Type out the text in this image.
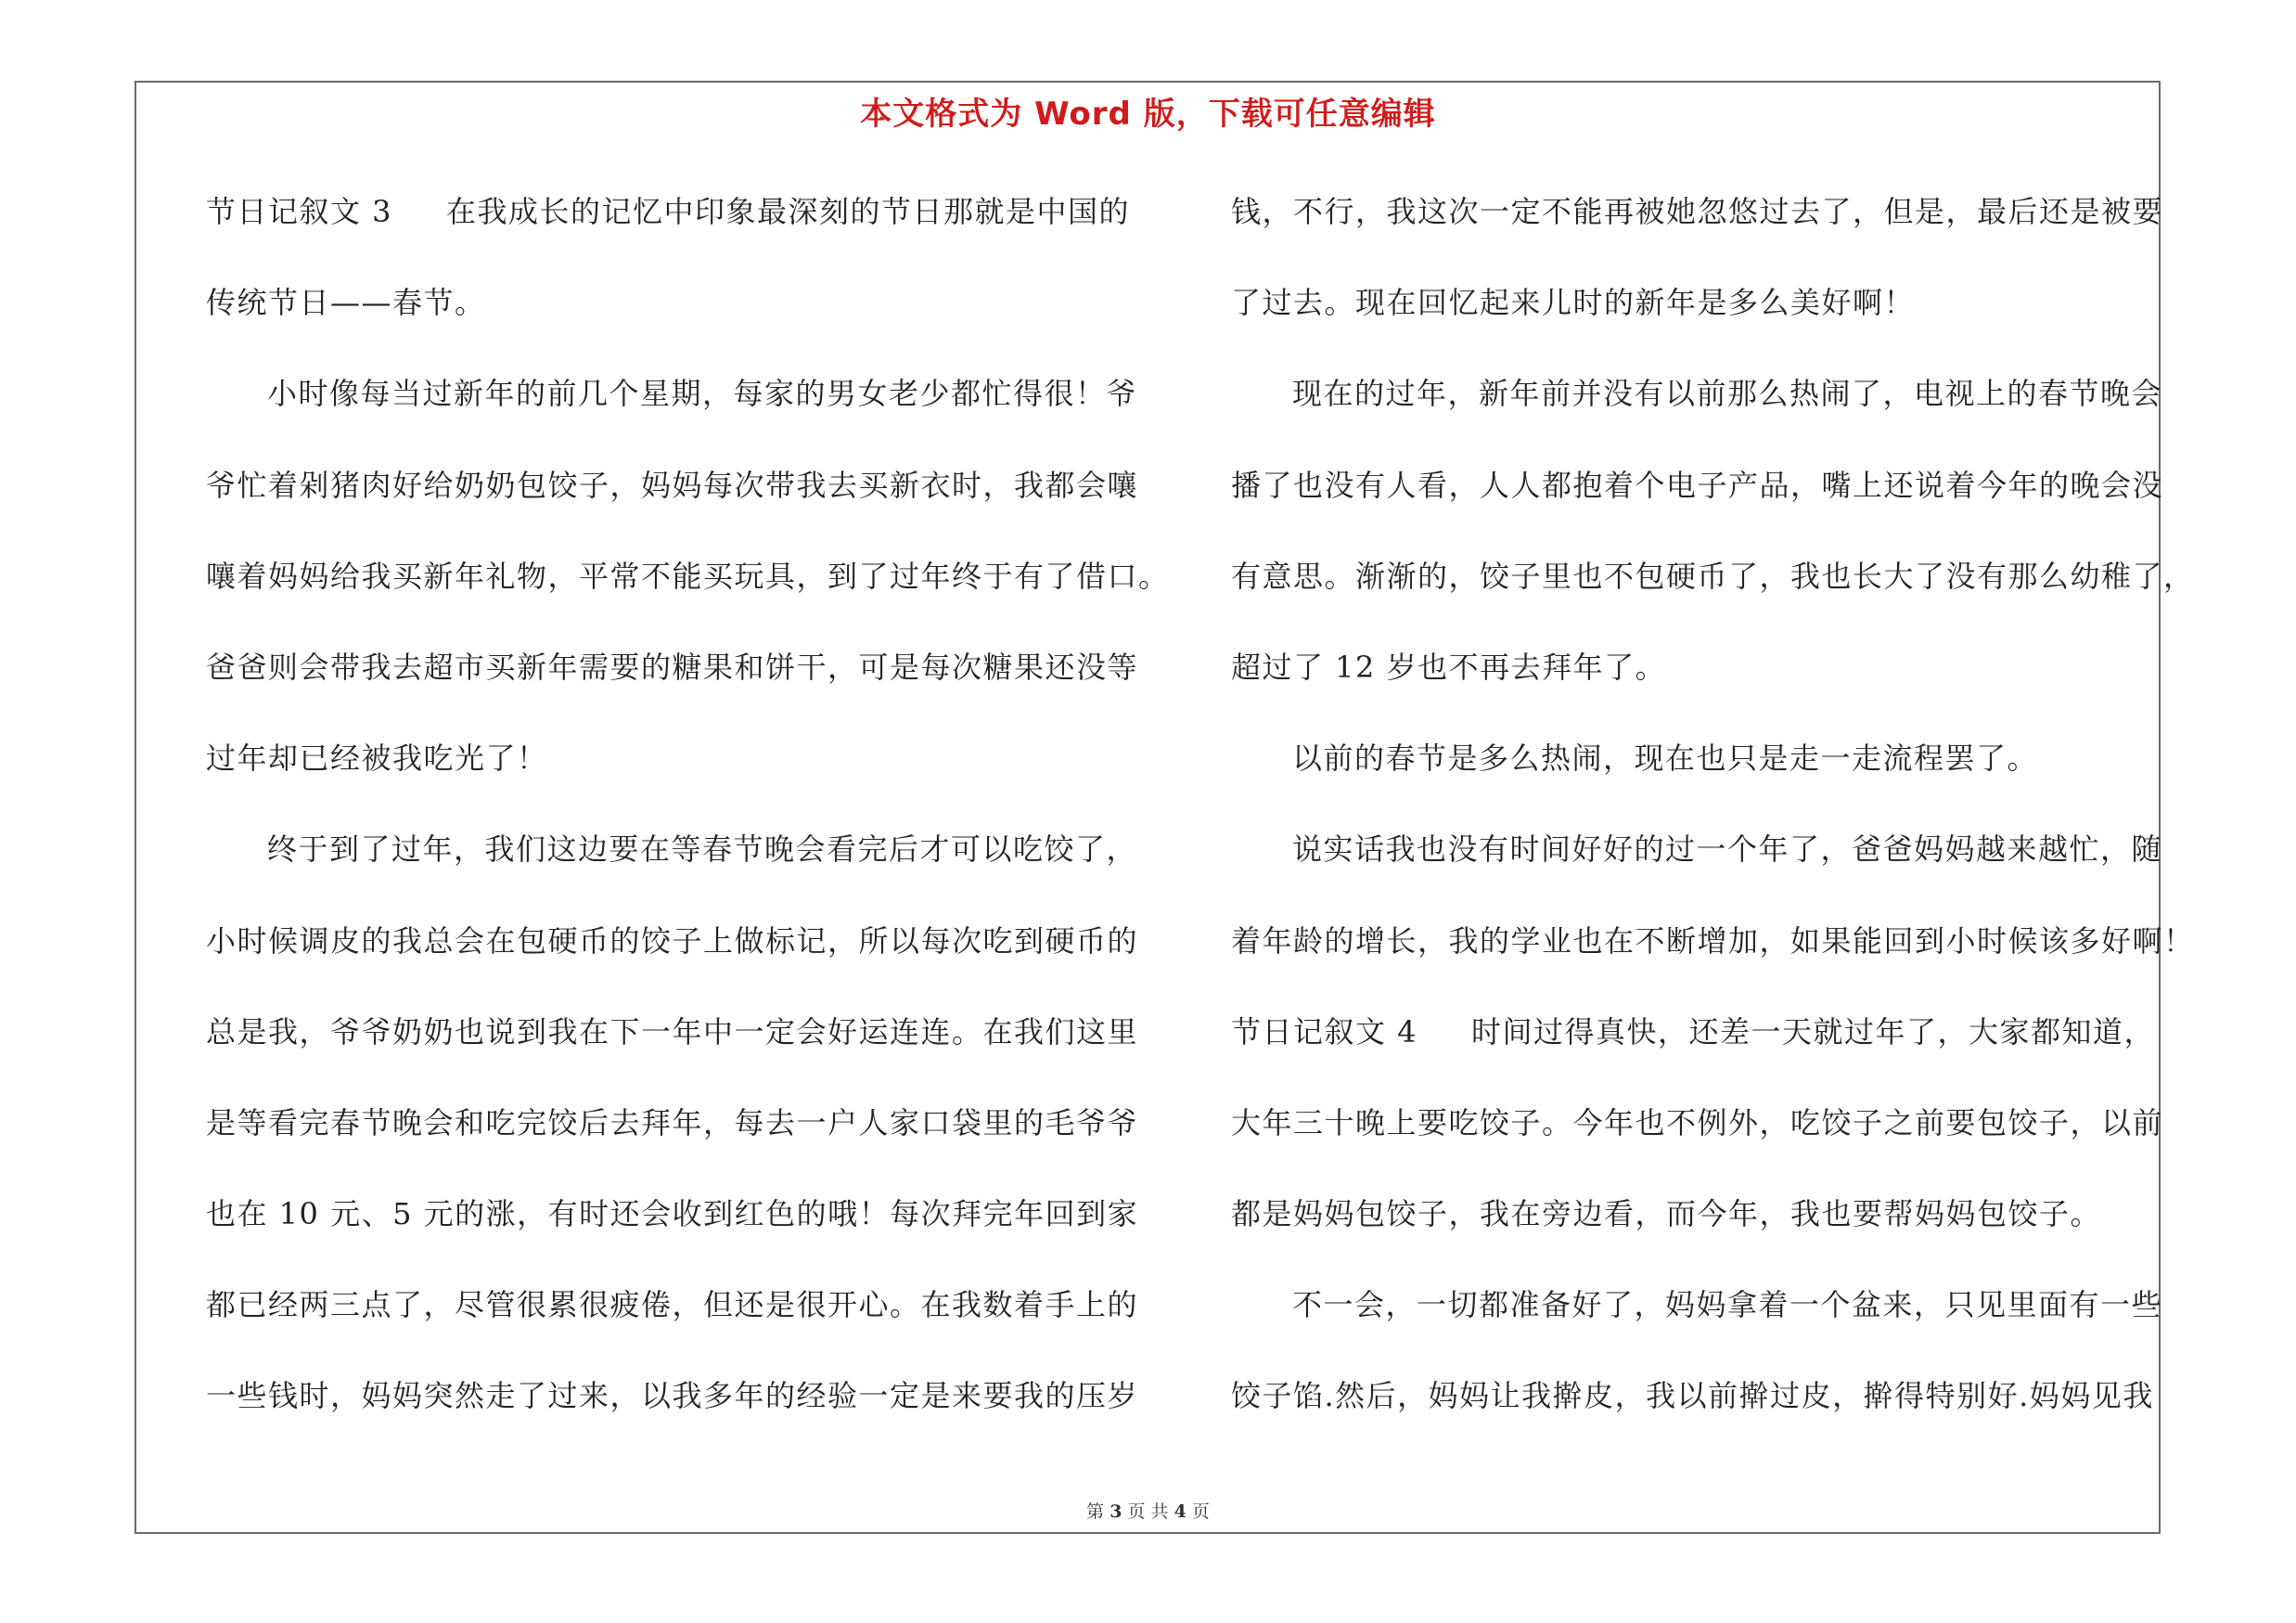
本文格式为 Word 版，下载可任意编辑
节日记叙文 3 在我成长的记忆中印象最深刻的节日那就是中国的
传统节日——春节。
小时像每当过新年的前几个星期，每家的男女老少都忙得很！爷
爷忙着剁猪肉好给奶奶包饺子，妈妈每次带我去买新衣时，我都会嚷
嚷着妈妈给我买新年礼物，平常不能买玩具，到了过年终于有了借口。
爸爸则会带我去超市买新年需要的糖果和饼干，可是每次糖果还没等
过年却已经被我吃光了！
终于到了过年，我们这边要在等春节晚会看完后才可以吃饺了，
小时候调皮的我总会在包硬币的饺子上做标记，所以每次吃到硬币的
总是我，爷爷奶奶也说到我在下一年中一定会好运连连。在我们这里
是等看完春节晚会和吃完饺后去拜年，每去一户人家口袋里的毛爷爷
也在 10 元、5 元的涨，有时还会收到红色的哦！每次拜完年回到家
都已经两三点了，尽管很累很疲倦，但还是很开心。在我数着手上的
一些钱时，妈妈突然走了过来，以我多年的经验一定是来要我的压岁
钱，不行，我这次一定不能再被她忽悠过去了，但是，最后还是被要
了过去。现在回忆起来儿时的新年是多么美好啊！
现在的过年，新年前并没有以前那么热闹了，电视上的春节晚会
播了也没有人看，人人都抱着个电子产品，嘴上还说着今年的晚会没
有意思。渐渐的，饺子里也不包硬币了，我也长大了没有那么幼稚了，
超过了 12 岁也不再去拜年了。
以前的春节是多么热闹，现在也只是走一走流程罢了。
说实话我也没有时间好好的过一个年了，爸爸妈妈越来越忙，随
着年龄的增长，我的学业也在不断增加，如果能回到小时候该多好啊！
节日记叙文 4 时间过得真快，还差一天就过年了，大家都知道，
大年三十晚上要吃饺子。今年也不例外，吃饺子之前要包饺子，以前
都是妈妈包饺子，我在旁边看，而今年，我也要帮妈妈包饺子。
不一会，一切都准备好了，妈妈拿着一个盆来，只见里面有一些
饺子馅.然后，妈妈让我擀皮，我以前擀过皮，擀得特别好.妈妈见我
第 3 页 共 4 页
